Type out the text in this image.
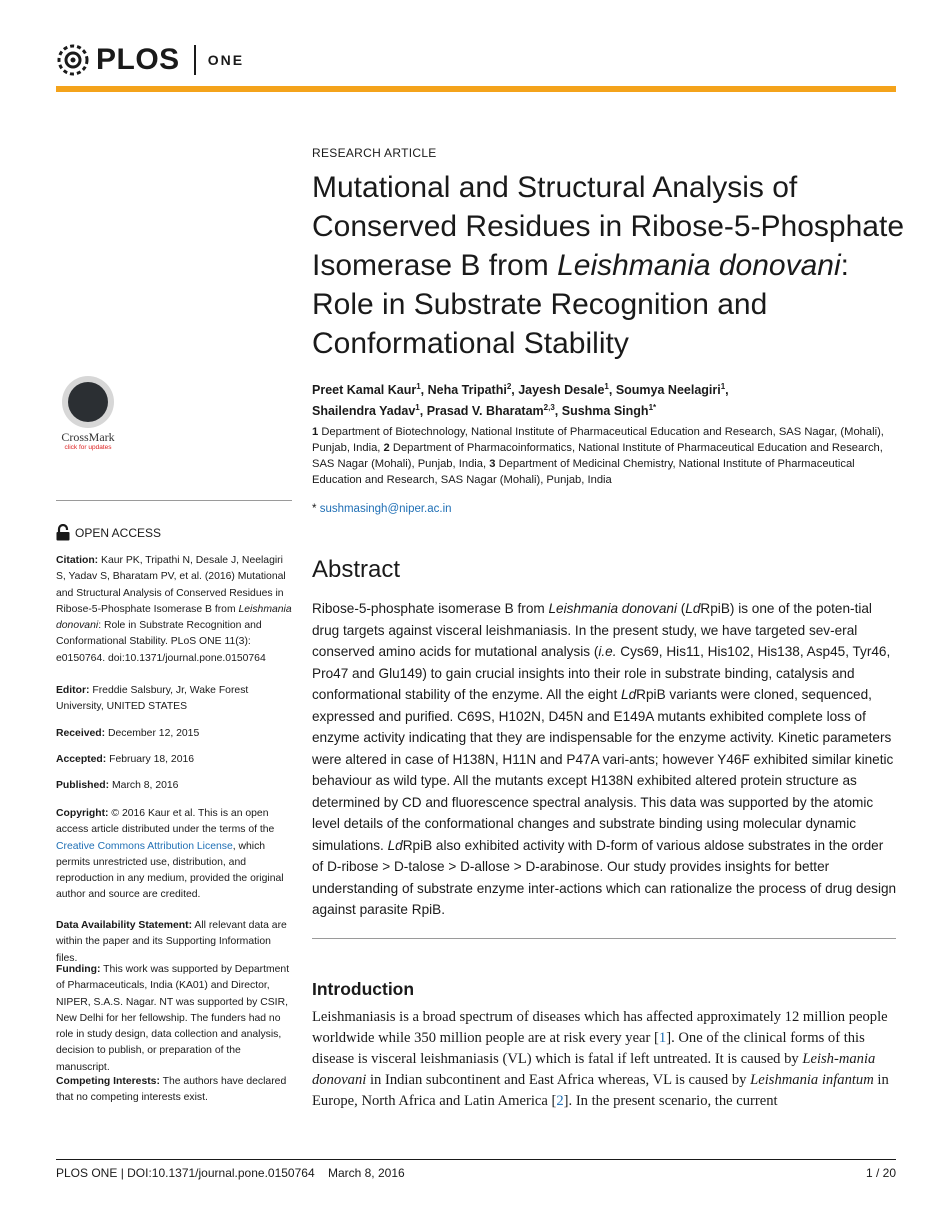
PLOS ONE
RESEARCH ARTICLE
Mutational and Structural Analysis of Conserved Residues in Ribose-5-Phosphate Isomerase B from Leishmania donovani: Role in Substrate Recognition and Conformational Stability
Preet Kamal Kaur$^1$, Neha Tripathi$^2$, Jayesh Desale$^1$, Soumya Neelagiri$^1$,
Shailendra Yadav$^1$, Prasad V. Bharatam$^{2,3}$, Sushma Singh$^{1*}$
1 Department of Biotechnology, National Institute of Pharmaceutical Education and Research, SAS Nagar, (Mohali), Punjab, India, 2 Department of Pharmacoinformatics, National Institute of Pharmaceutical Education and Research, SAS Nagar (Mohali), Punjab, India, 3 Department of Medicinal Chemistry, National Institute of Pharmaceutical Education and Research, SAS Nagar (Mohali), Punjab, India
* sushmasingh@niper.ac.in
Abstract

Ribose-5-phosphate isomerase B from Leishmania donovani (LdRpiB) is one of the poten-tial drug targets against visceral leishmaniasis. In the present study, we have targeted sev-eral conserved amino acids for mutational analysis (i.e. Cys69, His11, His102, His138, Asp45, Tyr46, Pro47 and Glu149) to gain crucial insights into their role in substrate binding, catalysis and conformational stability of the enzyme. All the eight LdRpiB variants were cloned, sequenced, expressed and purified. C69S, H102N, D45N and E149A mutants exhibited complete loss of enzyme activity indicating that they are indispensable for the enzyme activity. Kinetic parameters were altered in case of H138N, H11N and P47A vari-ants; however Y46F exhibited similar kinetic behaviour as wild type. All the mutants except H138N exhibited altered protein structure as determined by CD and fluorescence spectral analysis. This data was supported by the atomic level details of the conformational changes and substrate binding using molecular dynamic simulations. LdRpiB also exhibited activity with D-form of various aldose substrates in the order of D-ribose > D-talose > D-allose > D-arabinose. Our study provides insights for better understanding of substrate enzyme inter-actions which can rationalize the process of drug design against parasite RpiB.

Introduction

Leishmaniasis is a broad spectrum of diseases which has affected approximately 12 million people worldwide while 350 million people are at risk every year [1]. One of the clinical forms of this disease is visceral leishmaniasis (VL) which is fatal if left untreated. It is caused by Leish-mania donovani in Indian subcontinent and East Africa whereas, VL is caused by Leishmania infantum in Europe, North Africa and Latin America [2]. In the present scenario, the current

CrossMark
click for updates
OPEN ACCESS
Citation: Kaur PK, Tripathi N, Desale J, Neelagiri S, Yadav S, Bharatam PV, et al. (2016) Mutational and Structural Analysis of Conserved Residues in Ribose-5-Phosphate Isomerase B from Leishmania donovani: Role in Substrate Recognition and Conformational Stability. PLoS ONE 11(3): e0150764. doi:10.1371/journal.pone.0150764
Editor: Freddie Salsbury, Jr, Wake Forest University, UNITED STATES
Received: December 12, 2015
Accepted: February 18, 2016
Published: March 8, 2016
Copyright: © 2016 Kaur et al. This is an open access article distributed under the terms of the Creative Commons Attribution License, which permits unrestricted use, distribution, and reproduction in any medium, provided the original author and source are credited.
Data Availability Statement: All relevant data are within the paper and its Supporting Information files.
Funding: This work was supported by Department of Pharmaceuticals, India (KA01) and Director, NIPER, S.A.S. Nagar. NT was supported by CSIR, New Delhi for her fellowship. The funders had no role in study design, data collection and analysis, decision to publish, or preparation of the manuscript.
Competing Interests: The authors have declared that no competing interests exist.
PLOS ONE | DOI:10.1371/journal.pone.0150764    March 8, 2016	1 / 20
